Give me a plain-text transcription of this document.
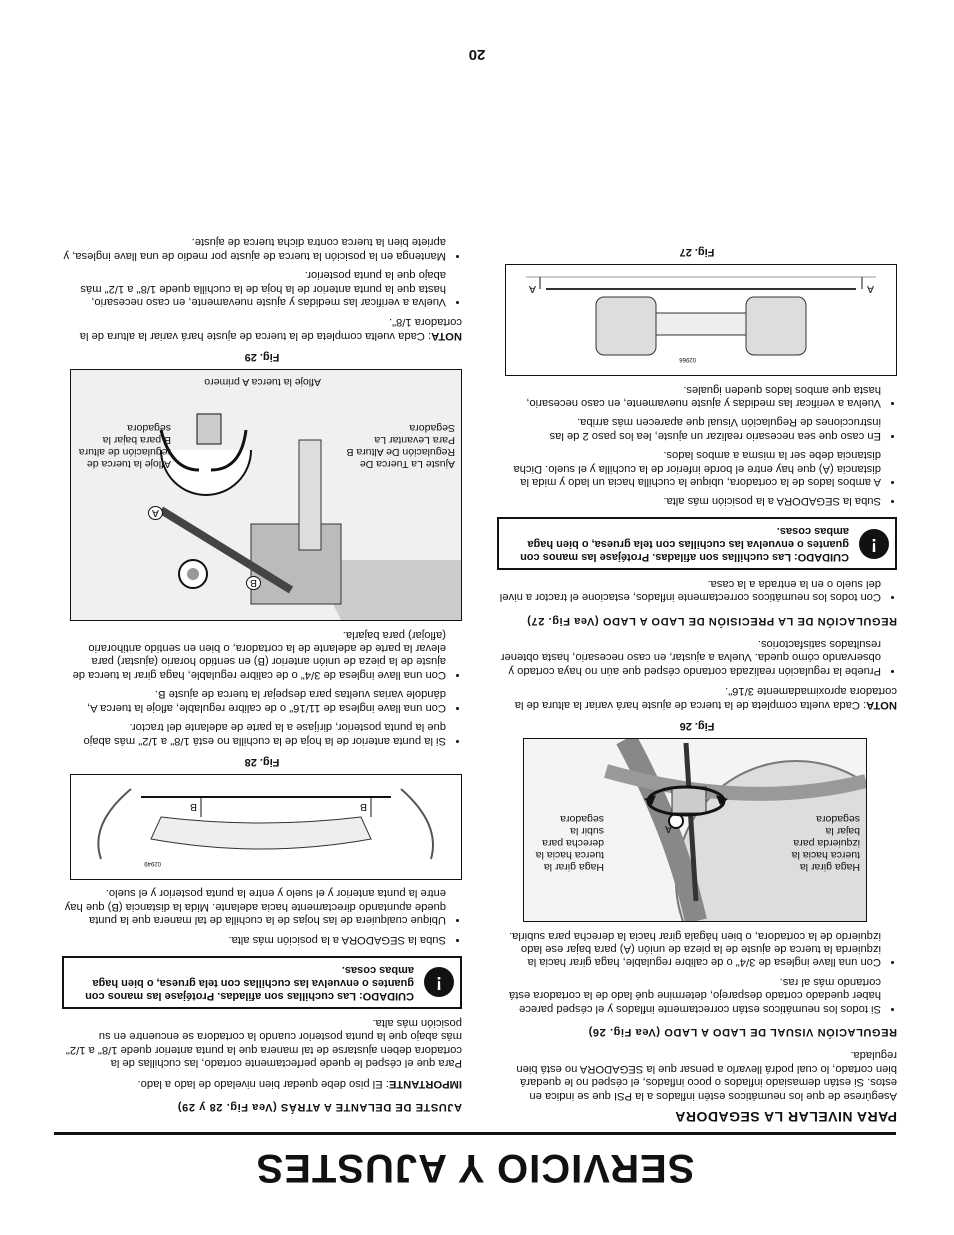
SERVICIO Y AJUSTES
PARA NIVELAR LA SEGADORA

Asegúrese de que los neumáticos estén inflados a la PSI que se indica en estos. Si están demasiado inflados o poco inflados, el césped no le quedará bien cortado, lo cual podrá llevarlo a pensar que la SEGADORA no está bien regulada.

REGULACIÓN VISUAL DE LADO A LADO (Vea Fig. 26)
• Si todos los neumáticos están correctamente inflados y el césped parece haber quedado cortado desparejo, determine qué lado de la cortadora está cortando más al ras.
• Con una llave inglesa de 3/4" o de calibre regulable, haga girar hacia la izquierda la tuerca de ajuste de la pieza de unión (A) para bajar ese lado izquierdo de la cortadora, o bien hágala girar hacia la derecha para subirla.
A
Haga girar la tuerca hacia la izquierda para bajar la segadora
Haga girar la tuerca hacia la derecha para subir la segadora
Fig. 26

NOTA: Cada vuelta completa de la tuerca de ajuste hará variar la altura de la cortadora aproximadamente 3/16".

• Pruebe la regulación realizada cortando césped que aún no haya cortado y observando cómo queda. Vuelva a ajustar, en caso necesario, hasta obtener resultados satisfactorios.
REGULACIÓN DE LA PRECISIÓN DE LADO A LADO (Vea Fig. 27)
• Con todos los neumáticos correctamente inflados, estacione el tractor a nivel del suelo o en la entrada a la casa.
!
CUIDADO: Las cuchillas son afiladas. Protéjase las manos con guantes o envuelva las cuchillas con tela gruesa, o bien haga ambas cosas.
• Suba la SEGADORA a la posición más alta.
• A ambos lados de la cortadora, ubique la cuchilla hacia un lado y mida la distancia (A) que hay entre el borde inferior de la cuchilla y el suelo. Dicha distancia debe ser la misma a ambos lados.
• En caso que sea necesario realizar un ajuste, lea los paso 2 de las instrucciones de Regulación Visual que aparecen más arriba.
• Vuelva a verificar las medidas y ajuste nuevamente, en caso necesario, hasta que ambos lados queden iguales.
A
A
02966
Fig. 27
AJUSTE DE DELANTE A ATRÁS (Vea Fig. 28 y 29)

IMPORTANTE: El piso debe quedar bien nivelado de lado a lado.

Para que el césped le quede perfectamente cortado, las cuchillas de la cortadora deben ajustarse de tal manera que la punta anterior quede 1/8" a 1/2" más abajo que la punta posterior cuando la cortadora se encuentre en su posición más alta.

!
CUIDADO: Las cuchillas son afiladas. Protéjase las manos con guantes o envuelva las cuchillas con tela gruesa, o bien haga ambas cosas.
• Suba la SEGADORA a la posición más alta.
• Ubique cualquiera de las hojas de la cuchilla de tal manera que la punta quede apuntando directamente hacia adelante. Mida la distancia (B) que hay entre la punta anterior y el suelo y entre la punta posterior y el suelo.
B
B
02949
Fig. 28
• Si la punta anterior de la hoja de la cuchilla no está 1/8" a 1/2" más abajo que la punta posterior, diríjase a la parte de adelante del tractor.
• Con una llave inglesa de 11/16" o de calibre regulable, afloje la tuerca A, dándole varias vueltas para despejar la tuerca de ajuste B.
• Con una llave inglesa de 3/4" o de calibre regulable, haga girar la tuerca de ajuste de la pieza de unión anterior (B) en sentido horario (ajustar) para elevar la parte de adelante de la cortadora, o bien en sentido antihorario (aflojar) para bajarla.
A
B
Afloje la tuerca A primero
Ajuste La Tuerca De Regulación De Altura B Para Levantar La Segadora
Afloje la tuerca de regulación de altura B para bajar la segadora
Fig. 29

NOTA: Cada vuelta completa de la tuerca de ajuste hará variar la altura de la cortadora 1/8".

• Vuelva a verificar las medidas y ajuste nuevamente, en caso necesario, hasta que la punta anterior de la hoja de la cuchilla quede 1/8" a 1/2" más abajo que la punta posterior.
• Mantenga en la posición la tuerca de ajuste por medio de una llave inglesa, y apriete bien la tuerca contra dicha tuerca de ajuste.
20
